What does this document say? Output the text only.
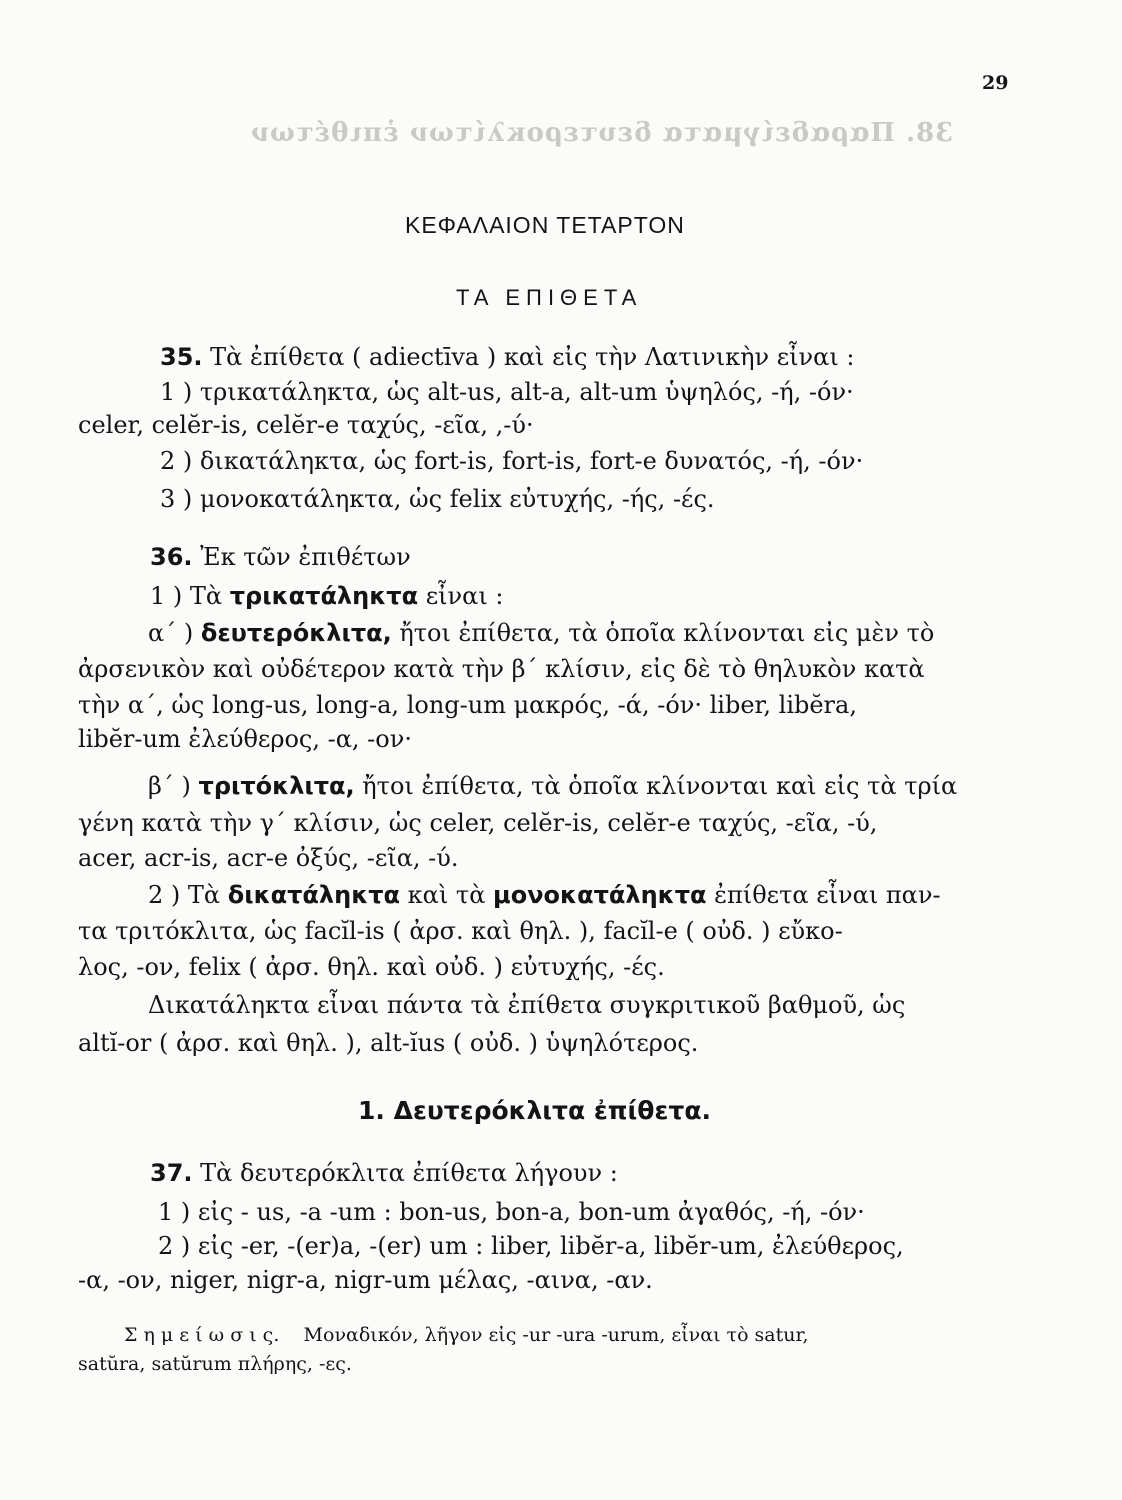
38. Παραδείγματα δευτεροκλίτων ἐπιθέτων
29
ΚΕΦΑΛΑΙΟΝ ΤΕΤΑΡΤΟΝ
ΤΑ ΕΠΙΘΕΤΑ
35. Τὰ ἐπίθετα ( adiectīva ) καὶ εἰς τὴν Λατινικὴν εἶναι :
1 ) τρικατάληκτα, ὡς alt-us, alt-a, alt-um ὑψηλός, -ή, -όν·
celer, celĕr-is, celĕr-e ταχύς, -εῖα, ,-ύ·
2 ) δικατάληκτα, ὡς fort-is, fort-is, fort-e δυνατός, -ή, -όν·
3 ) μονοκατάληκτα, ὡς felix εὐτυχής, -ής, -ές.
36. Ἐκ τῶν ἐπιθέτων
1 ) Τὰ τρικατάληκτα εἶναι :
α΄ ) δευτερόκλιτα, ἤτοι ἐπίθετα, τὰ ὁποῖα κλίνονται εἰς μὲν τὸ
ἀρσενικὸν καὶ οὐδέτερον κατὰ τὴν β΄ κλίσιν, εἰς δὲ τὸ θηλυκὸν κατὰ
τὴν α΄, ὡς long-us, long-a, long-um μακρός, -ά, -όν· liber, libĕra,
libĕr-um ἐλεύθερος, -α, -ον·
β΄ ) τριτόκλιτα, ἤτοι ἐπίθετα, τὰ ὁποῖα κλίνονται καὶ εἰς τὰ τρία
γένη κατὰ τὴν γ΄ κλίσιν, ὡς celer, celĕr-is, celĕr-e ταχύς, -εῖα, -ύ,
acer, acr-is, acr-e ὀξύς, -εῖα, -ύ.
2 ) Τὰ δικατάληκτα καὶ τὰ μονοκατάληκτα ἐπίθετα εἶναι παν-
τα τριτόκλιτα, ὡς facĭl-is ( ἀρσ. καὶ θηλ. ), facĭl-e ( οὐδ. ) εὔκο-
λος, -ον, felix ( ἀρσ. θηλ. καὶ οὐδ. ) εὐτυχής, -ές.
Δικατάληκτα εἶναι πάντα τὰ ἐπίθετα συγκριτικοῦ βαθμοῦ, ὡς
altĭ-or ( ἀρσ. καὶ θηλ. ), alt-ĭus ( οὐδ. ) ὑψηλότερος.
1. Δευτερόκλιτα ἐπίθετα.
37. Τὰ δευτερόκλιτα ἐπίθετα λήγουν :
1 ) εἰς - us, -a -um : bon-us, bon-a, bon-um ἀγαθός, -ή, -όν·
2 ) εἰς -er, -(er)a, -(er) um : liber, libĕr-a, libĕr-um, ἐλεύθερος,
-α, -ον, niger, nigr-a, nigr-um μέλας, -αινα, -αν.
Σ η μ ε ί ω σ ι ς. Μοναδικόν, λῆγον εἰς -ur -ura -urum, εἶναι τὸ satur,
satŭra, satŭrum πλήρης, -ες.
